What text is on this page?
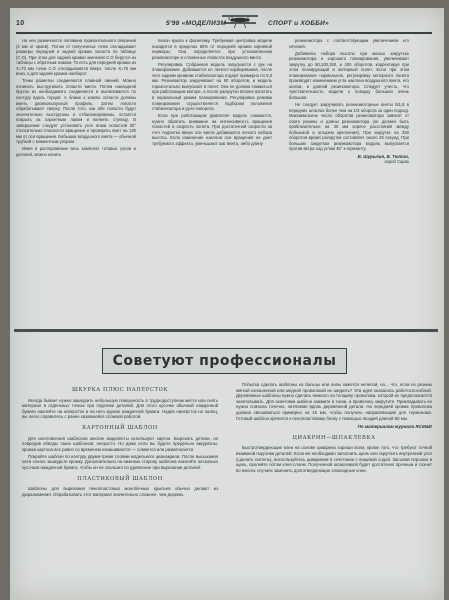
10	5'98 «МОДЕЛИЗМ	СПОРТ и ХОББИ»

На нее размечается половина горизонтального оперения (4 мм от краев). Потом от полученных точек откладывают размеры передней и задней кромки лопасти по таблице (С.О). При этом для задней кромки значения С.О берутся из таблицы с обратным знаком. То есть для передней кромки из X=70 мм точки С.О откладываются вверх, после X=70 мм вниз, а для задней кромки наоборот.

Точки разметки соединяются плавной линией. Можно начинать выстругивать лопасти винта. Потом накладной брусок из необходимого соединяется и выпиливается по контуру вдоль торцов. А ближе к комлю лопасти должны иметь двояковыпуклый профиль. Затем лопасти обрабатывают сверху. После того, как обе лопасти будут окончательно выструганы и отбалансированы, остается покрыть их паркетным лаком и вклеить ступицу. В завершение следует установить угол атаки лопастей 30° относительно плоскости вращения и проверить винт на 130 мм от оси вращения. Бобышка воздушного винта — обычной трубкой с моментным упором.

Имея в распоряжении весь комплект готовых узлов и деталей, можно клеить

пилон крыла к фюзеляжу. Требуемая центровка модели находится в пределах 60% от передней кромки корневой нервюры. Она определяется при установленном резиномоторе и сложенных лопастях воздушного винта.

Регулировка. Собранная модель запускается с рук на планирование. Добиваются ее легкого карбирования, после чего задним кромкам стабилизатора отдают примерно по 0,3 мм. Резиномотор закручивают на 50 оборотов, и модель горизонтально выпускают в полет. Она не должна сниматься при работающем моторе, а после раскрутки вполне взлетать в нормальный режим планирования. Регулировка режима планирования осуществляется подбором положения стабилизатора и руля поворота.

Если при работающем двигателе модель снижается, нужно обратить внимание на интенсивность вращения лопастей и скорость полета. При достаточной скорости за счет подпитки вверх оси винта добиваются легкого набора высоты. Если изменение наклона оси вращения не дает требуемого эффекта, уменьшают шаг винта, либо длину

резиномотора с соответствующим увеличением его сечения.

Добиваясь набора высоты при малых закрутках резиномотора и хорошего планирования, увеличивают закрутку до 50,100,150, и 200 оборотов, корректируя при этом планирующий и моторный полет. Если при этом планирование нормальное, регулировку моторного полета производят изменением угла наклона воздушного винта, его шагом, и длиной резиномотора. Следует учесть, что чувствительность модели к поводку большая очень большая.

Не следует закручивать резиномоторные винты М1,8 в передних штангах более чем на 1/3 оборота за один подход. Максимальное число оборотов резиномотора зависит от сорта резины и длины резиномотора (он должен быть приблизительно на 30 мм короче расстояния между бобышкой и штырем крепления). При закрутке на 350 оборотов время раскрутки составляет около 25 секунд. При больших закрутках резиномотора модель выпускается против ветра под углом 45° к горизонту.

В. Шурыгин, В. Тютин,
город Сарак
Советуют профессионалы
ШКУРКА ПЛЮС НАПЕРСТОК

Иногда бывает нужно зашкурить небольшую поверхность в труднодоступном месте или снять материал в отдельных точках при подгонке деталей. Для этого кусочек обычной наждачной бумаги наклейте на наперсток и на него кружок наждачной бумаги. Надев наперсток на палец, вы легко справитесь с ранее казавшейся сложной работой.

КАРТОННЫЙ ШАБЛОН

Для изготовления шаблонов многие моделисты используют картон. Вырезать детали, не повредив обводы таких шаблонов, непросто. Но даже если вы будете предельно аккуратны, кромка картона все равно со временем изнашивается — сомнется или размочалится.

Покройте шаблон по контуру двумя-тремя слоями модельного цианакрила. После высыхания клея слегка зашкурьте кромку. Дополнительно на нижнюю сторону шаблона наклейте несколько кусочков наждачной бумаги, чтобы он не скользил по древесине при вырезании деталей.

ПЛАСТИКОВЫЙ ШАБЛОН

Шаблоны для вырезания пенопластовых монобочных крыльев обычно делают из дюралюминия. Обрабатывать этот материал значительно сложнее, чем деревю.

Попытка сделать шаблоны из бальзы или липы кажется нелепой, но... что, если из резины мягкой изношенной или медной проволокой их шкурить? Эта идея оказалась работоспособной. Деревянные шаблоны нужно сделать немного на толщину проволоки, которой их предполагается окантовывать. Для окантовки шаблон зажмите в тиски, а проволоку закрутите. Прикладывать ее нужно сначала точечно, натягивая вдоль деревянной детали. На передней кромке проволока должна свешиваться примерно на 15 мм, чтобы получить направляющий для термоножа. Готовый шаблон крепится к пенопластовому блоку с помощью гвоздей длиной 50 мм.

По материалам журнала RCM&E
ЦИАКРИН—ШПАКЛЕВКА

Быстротвердеющие клеи на основе циакрина хороши всем, кроме того, что требуют точной взаимной подгонки деталей. Если же необходимо заполнить щель или скруглить внутренний угол (сделать галтель), воспользуйтесь циакрином в сочетании с пищевой содой. Засыпав порошок в щель, пролейте потом клея слоем. Полученной шпаклевкой будет достаточно прочным и сохнет во многих случаях заменить долготвердеющие эпоксидные клеи.
